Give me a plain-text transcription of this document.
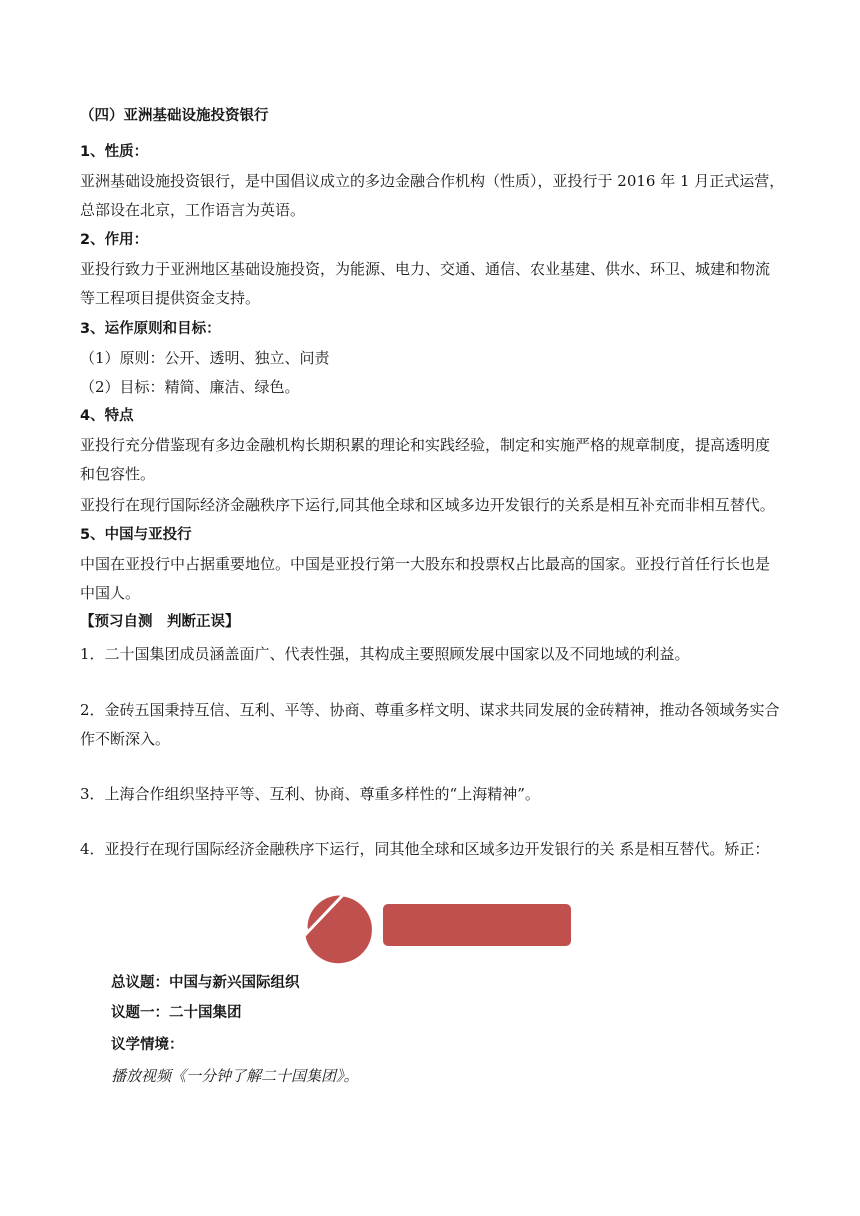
（四）亚洲基础设施投资银行
1、性质：
亚洲基础设施投资银行，是中国倡议成立的多边金融合作机构（性质），亚投行于 2016 年 1 月正式运营，
总部设在北京，工作语言为英语。
2、作用：
亚投行致力于亚洲地区基础设施投资，为能源、电力、交通、通信、农业基建、供水、环卫、城建和物流
等工程项目提供资金支持。
3、运作原则和目标：
（1）原则：公开、透明、独立、问责
（2）目标：精简、廉洁、绿色。
4、特点
亚投行充分借鉴现有多边金融机构长期积累的理论和实践经验，制定和实施严格的规章制度，提高透明度
和包容性。
亚投行在现行国际经济金融秩序下运行,同其他全球和区域多边开发银行的关系是相互补充而非相互替代。
5、中国与亚投行
中国在亚投行中占据重要地位。中国是亚投行第一大股东和投票权占比最高的国家。亚投行首任行长也是
中国人。
【预习自测　判断正误】
1．二十国集团成员涵盖面广、代表性强，其构成主要照顾发展中国家以及不同地域的利益。
2．金砖五国秉持互信、互利、平等、协商、尊重多样文明、谋求共同发展的金砖精神，推动各领域务实合
作不断深入。
3．上海合作组织坚持平等、互利、协商、尊重多样性的“上海精神”。
4．亚投行在现行国际经济金融秩序下运行，同其他全球和区域多边开发银行的关 系是相互替代。矫正：
总议题：中国与新兴国际组织
议题一：二十国集团
议学情境：
播放视频《一分钟了解二十国集团》。
